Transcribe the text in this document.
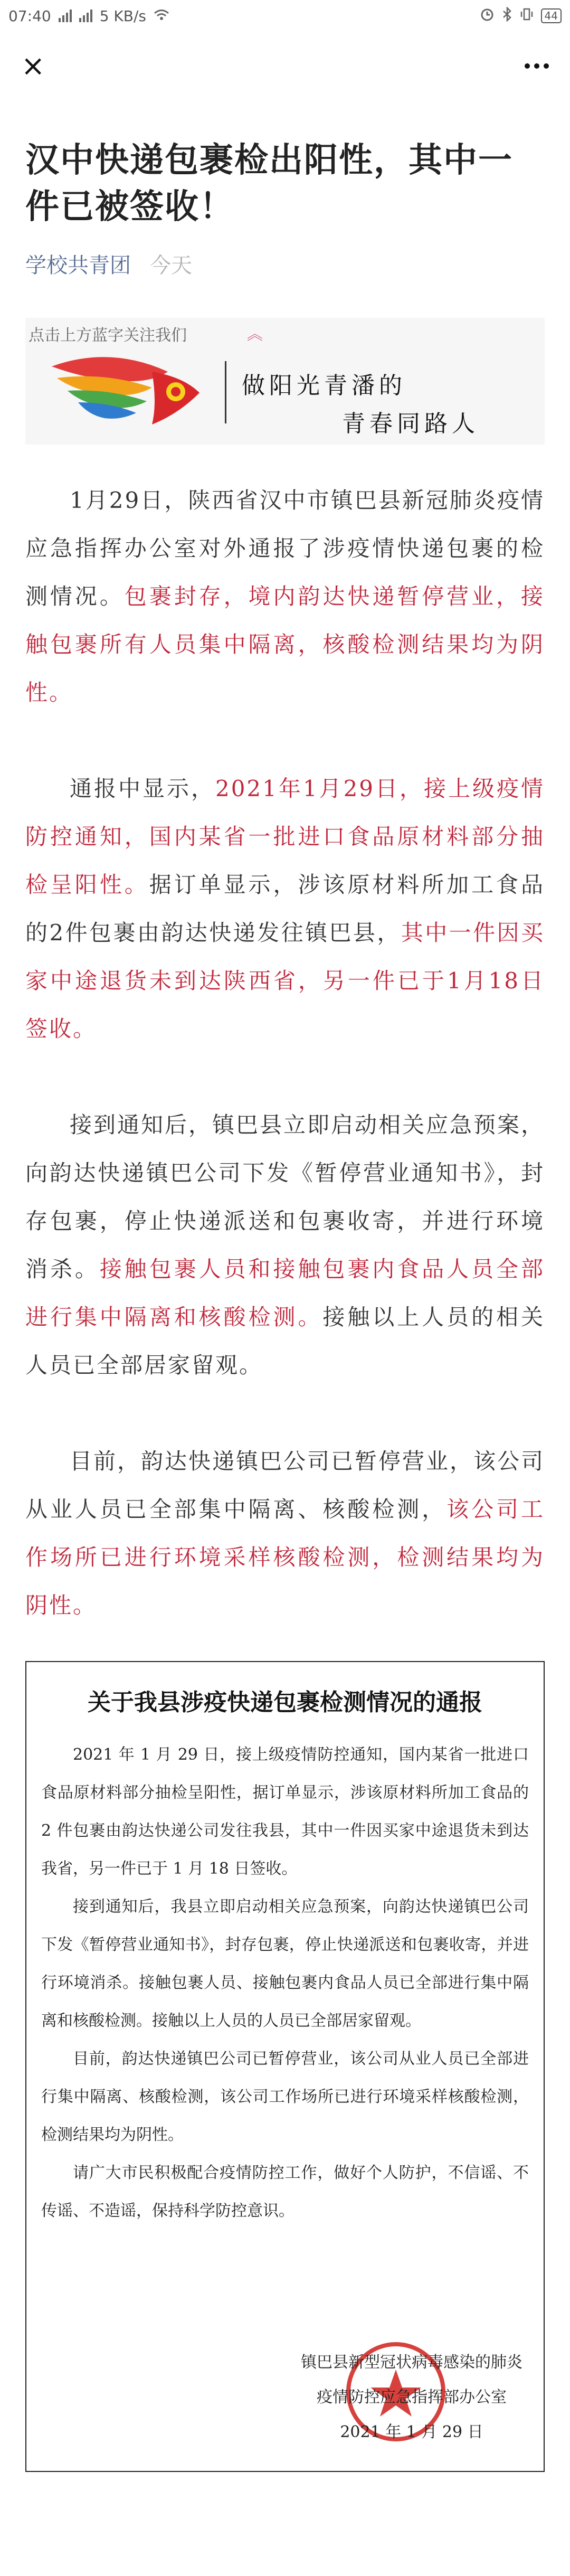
07:40	5 KB/s	44
×
汉中快递包裹检出阳性，其中一件已被签收！
学校共青团 今天
点击上方蓝字关注我们	︽
做阳光青潘的
青春同路人

1月29日，陕西省汉中市镇巴县新冠肺炎疫情应急指挥办公室对外通报了涉疫情快递包裹的检测情况。包裹封存，境内韵达快递暂停营业，接触包裹所有人员集中隔离，核酸检测结果均为阴性。

通报中显示，2021年1月29日，接上级疫情防控通知，国内某省一批进口食品原材料部分抽检呈阳性。据订单显示，涉该原材料所加工食品的2件包裹由韵达快递发往镇巴县，其中一件因买家中途退货未到达陕西省，另一件已于1月18日签收。

接到通知后，镇巴县立即启动相关应急预案，向韵达快递镇巴公司下发《暂停营业通知书》，封存包裹，停止快递派送和包裹收寄，并进行环境消杀。接触包裹人员和接触包裹内食品人员全部进行集中隔离和核酸检测。接触以上人员的相关人员已全部居家留观。

目前，韵达快递镇巴公司已暂停营业，该公司从业人员已全部集中隔离、核酸检测，该公司工作场所已进行环境采样核酸检测，检测结果均为阴性。

关于我县涉疫快递包裹检测情况的通报

2021 年 1 月 29 日，接上级疫情防控通知，国内某省一批进口食品原材料部分抽检呈阳性，据订单显示，涉该原材料所加工食品的 2 件包裹由韵达快递公司发往我县，其中一件因买家中途退货未到达我省，另一件已于 1 月 18 日签收。

接到通知后，我县立即启动相关应急预案，向韵达快递镇巴公司下发《暂停营业通知书》，封存包裹，停止快递派送和包裹收寄，并进行环境消杀。接触包裹人员、接触包裹内食品人员已全部进行集中隔离和核酸检测。接触以上人员的人员已全部居家留观。

目前，韵达快递镇巴公司已暂停营业，该公司从业人员已全部进行集中隔离、核酸检测，该公司工作场所已进行环境采样核酸检测，检测结果均为阴性。

请广大市民积极配合疫情防控工作，做好个人防护，不信谣、不传谣、不造谣，保持科学防控意识。

镇巴县新型冠状病毒感染的肺炎
疫情防控应急指挥部办公室
2021 年 1 月 29 日
